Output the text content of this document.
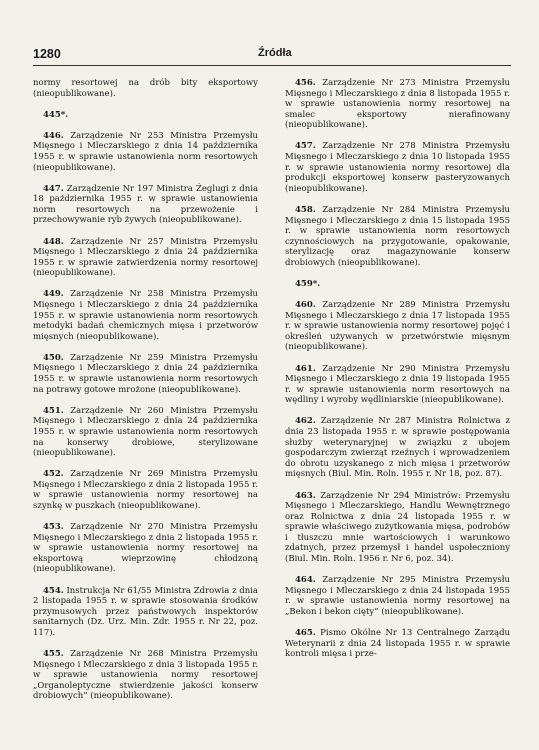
1280	Źródła

normy resortowej na drób bity eksportowy (nieopublikowane).

445*.

446. Zarządzenie Nr 253 Ministra Przemysłu Mięsnego i Mleczarskiego z dnia 14 października 1955 r. w sprawie ustanowienia norm resortowych (nieopublikowane).

447. Zarządzenie Nr 197 Ministra Żeglugi z dnia 18 października 1955 r. w sprawie ustanowienia norm resortowych na przewożenie i przechowywanie ryb żywych (nieopublikowane).

448. Zarządzenie Nr 257 Ministra Przemysłu Mięsnego i Mleczarskiego z dnia 24 października 1955 r. w sprawie zatwierdzenia normy resortowej (nieopublikowane).

449. Zarządzenie Nr 258 Ministra Przemysłu Mięsnego i Mleczarskiego z dnia 24 października 1955 r. w sprawie ustanowienia norm resortowych metodyki badań chemicznych mięsa i przetworów mięsnych (nieopublikowane).

450. Zarządzenie Nr 259 Ministra Przemysłu Mięsnego i Mleczarskiego z dnia 24 października 1955 r. w sprawie ustanowienia norm resortowych na potrawy gotowe mrożone (nieopublikowane).

451. Zarządzenie Nr 260 Ministra Przemysłu Mięsnego i Mleczarskiego z dnia 24 października 1955 r. w sprawie ustanowienia norm resortowych na konserwy drobiowe, sterylizowane (nieopublikowane).

452. Zarządzenie Nr 269 Ministra Przemysłu Mięsnego i Mleczarskiego z dnia 2 listopada 1955 r. w sprawie ustanowienia normy resortowej na szynkę w puszkach (nieopublikowane).

453. Zarządzenie Nr 270 Ministra Przemysłu Mięsnego i Mleczarskiego z dnia 2 listopada 1955 r. w sprawie ustanowienia normy resortowej na eksportową wieprzowinę chłodzoną (nieopublikowane).

454. Instrukcja Nr 61/55 Ministra Zdrowia z dnia 2 listopada 1955 r. w sprawie stosowania środków przymusowych przez państwowych inspektorów sanitarnych (Dz. Urz. Min. Zdr. 1955 r. Nr 22, poz. 117).

455. Zarządzenie Nr 268 Ministra Przemysłu Mięsnego i Mleczarskiego z dnia 3 listopada 1955 r. w sprawie ustanowienia normy resortowej „Organoleptyczne stwierdzenie jakości konserw drobiowych” (nieopublikowane).

456. Zarządzenie Nr 273 Ministra Przemysłu Mięsnego i Mleczarskiego z dnia 8 listopada 1955 r. w sprawie ustanowienia normy resortowej na smalec eksportowy nierafinowany (nieopublikowane).

457. Zarządzenie Nr 278 Ministra Przemysłu Mięsnego i Mleczarskiego z dnia 10 listopada 1955 r. w sprawie ustanowienia normy resortowej dla produkcji eksportowej konserw pasteryzowanych (nieopublikowane).

458. Zarządzenie Nr 284 Ministra Przemysłu Mięsnego i Mleczarskiego z dnia 15 listopada 1955 r. w sprawie ustanowienia norm resortowych czynnościowych na przygotowanie, opakowanie, sterylizację oraz magazynowanie konserw drobiowych (nieopublikowane).

459*.

460. Zarządzenie Nr 289 Ministra Przemysłu Mięsnego i Mleczarskiego z dnia 17 listopada 1955 r. w sprawie ustanowienia normy resortowej pojęć i określeń używanych w przetwórstwie mięsnym (nieopublikowane).

461. Zarządzenie Nr 290 Ministra Przemysłu Mięsnego i Mleczarskiego z dnia 19 listopada 1955 r. w sprawie ustanowienia norm resortowych na wędliny i wyroby wędliniarskie (nieopublikowane).

462. Zarządzenie Nr 287 Ministra Rolnictwa z dnia 23 listopada 1955 r. w sprawie postępowania służby weterynaryjnej w związku z ubojem gospodarczym zwierząt rzeźnych i wprowadzeniem do obrotu uzyskanego z nich mięsa i przetworów mięsnych (Biul. Min. Roln. 1955 r. Nr 18, poz. 87).

463. Zarządzenie Nr 294 Ministrów: Przemysłu Mięsnego i Mleczarskiego, Handlu Wewnętrznego oraz Rolnictwa z dnia 24 listopada 1955 r. w sprawie właściwego zużytkowania mięsa, podrobów i tłuszczu mnie wartościowych i warunkowo zdatnych, przez przemysł i handel uspołeczniony (Biul. Min. Roln. 1956 r. Nr 6, poz. 34).

464. Zarządzenie Nr 295 Ministra Przemysłu Mięsnego i Mleczarskiego z dnia 24 listopada 1955 r. w sprawie ustanowienia normy resortowej na „Bekon i bekon cięty” (nieopublikowane).

465. Pismo Okólne Nr 13 Centralnego Zarządu Weterynarii z dnia 24 listopada 1955 r. w sprawie kontroli mięsa i prze-
